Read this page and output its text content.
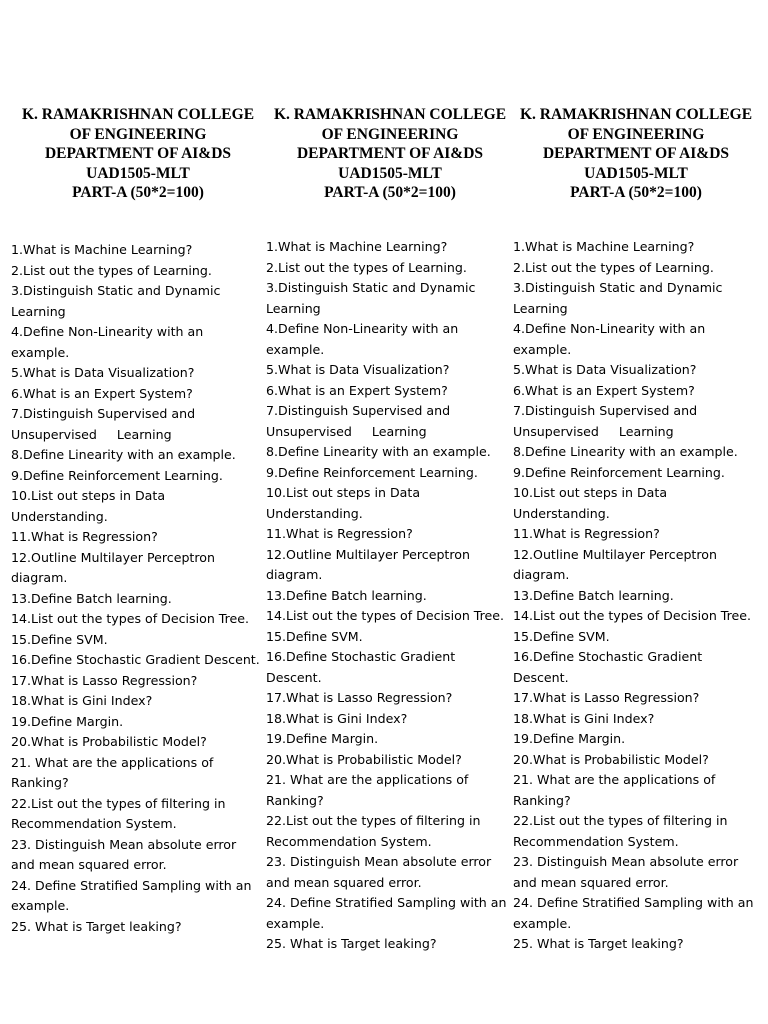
K. RAMAKRISHNAN COLLEGE
OF ENGINEERING
DEPARTMENT OF AI&DS
UAD1505-MLT
PART-A (50*2=100)
K. RAMAKRISHNAN COLLEGE
OF ENGINEERING
DEPARTMENT OF AI&DS
UAD1505-MLT
PART-A (50*2=100)
K. RAMAKRISHNAN COLLEGE
OF ENGINEERING
DEPARTMENT OF AI&DS
UAD1505-MLT
PART-A (50*2=100)
1.What is Machine Learning?
2.List out the types of Learning.
3.Distinguish Static and Dynamic
Learning
4.Define Non-Linearity with an
example.
5.What is Data Visualization?
6.What is an Expert System?
7.Distinguish Supervised and
Unsupervised     Learning
8.Define Linearity with an example.
9.Define Reinforcement Learning.
10.List out steps in Data
Understanding.
11.What is Regression?
12.Outline Multilayer Perceptron
diagram.
13.Define Batch learning.
14.List out the types of Decision Tree.
15.Define SVM.
16.Define Stochastic Gradient Descent.
17.What is Lasso Regression?
18.What is Gini Index?
19.Define Margin.
20.What is Probabilistic Model?
21. What are the applications of
Ranking?
22.List out the types of filtering in
Recommendation System.
23. Distinguish Mean absolute error
and mean squared error.
24. Define Stratified Sampling with an
example.
25. What is Target leaking?
1.What is Machine Learning?
2.List out the types of Learning.
3.Distinguish Static and Dynamic
Learning
4.Define Non-Linearity with an
example.
5.What is Data Visualization?
6.What is an Expert System?
7.Distinguish Supervised and
Unsupervised     Learning
8.Define Linearity with an example.
9.Define Reinforcement Learning.
10.List out steps in Data
Understanding.
11.What is Regression?
12.Outline Multilayer Perceptron
diagram.
13.Define Batch learning.
14.List out the types of Decision Tree.
15.Define SVM.
16.Define Stochastic Gradient
Descent.
17.What is Lasso Regression?
18.What is Gini Index?
19.Define Margin.
20.What is Probabilistic Model?
21. What are the applications of
Ranking?
22.List out the types of filtering in
Recommendation System.
23. Distinguish Mean absolute error
and mean squared error.
24. Define Stratified Sampling with an
example.
25. What is Target leaking?
1.What is Machine Learning?
2.List out the types of Learning.
3.Distinguish Static and Dynamic
Learning
4.Define Non-Linearity with an
example.
5.What is Data Visualization?
6.What is an Expert System?
7.Distinguish Supervised and
Unsupervised     Learning
8.Define Linearity with an example.
9.Define Reinforcement Learning.
10.List out steps in Data
Understanding.
11.What is Regression?
12.Outline Multilayer Perceptron
diagram.
13.Define Batch learning.
14.List out the types of Decision Tree.
15.Define SVM.
16.Define Stochastic Gradient
Descent.
17.What is Lasso Regression?
18.What is Gini Index?
19.Define Margin.
20.What is Probabilistic Model?
21. What are the applications of
Ranking?
22.List out the types of filtering in
Recommendation System.
23. Distinguish Mean absolute error
and mean squared error.
24. Define Stratified Sampling with an
example.
25. What is Target leaking?
